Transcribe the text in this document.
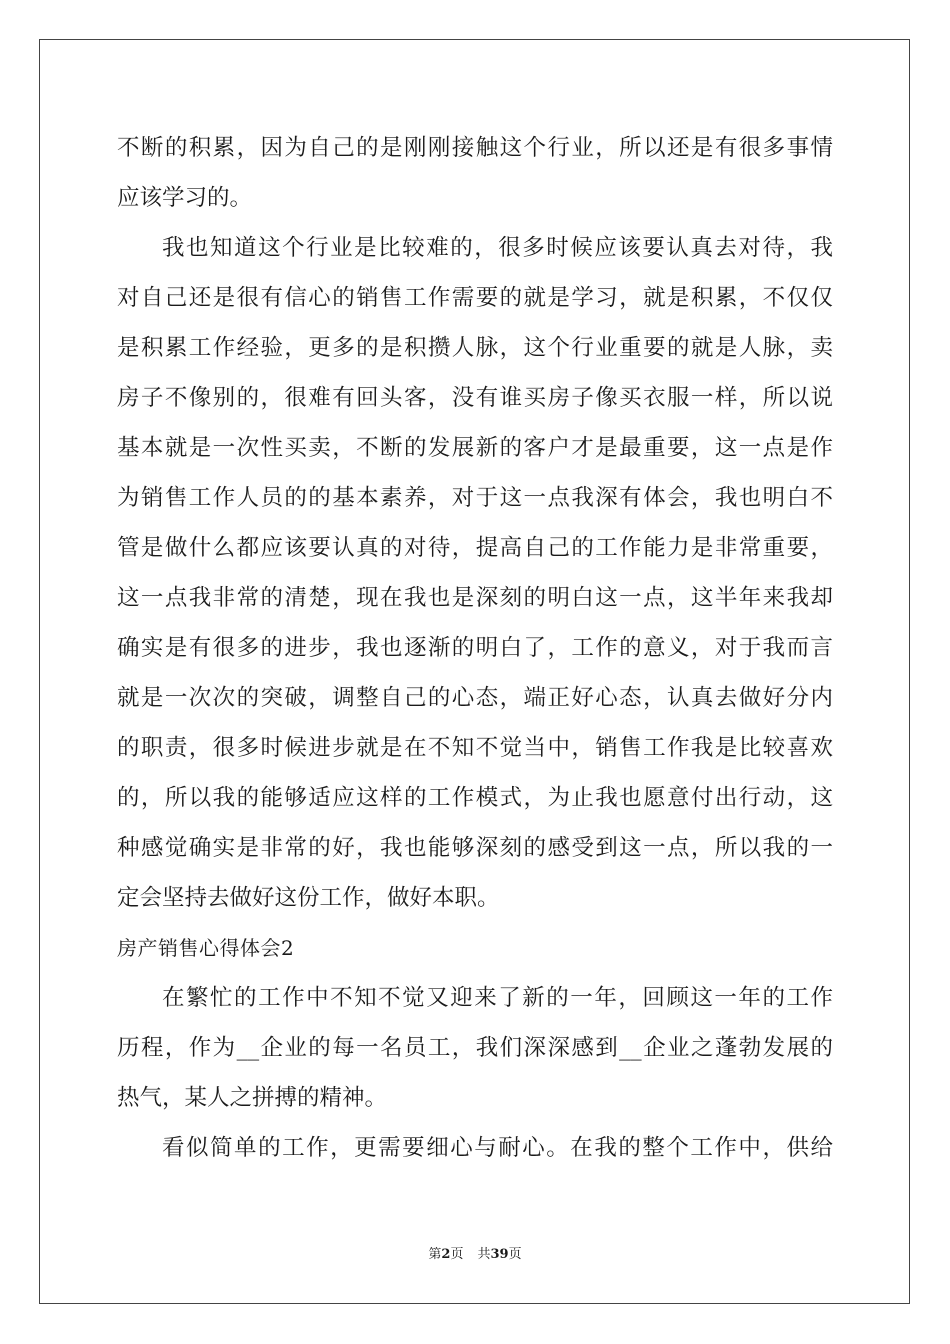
不断的积累，因为自己的是刚刚接触这个行业，所以还是有很多事情
应该学习的。
我也知道这个行业是比较难的，很多时候应该要认真去对待，我
对自己还是很有信心的销售工作需要的就是学习，就是积累，不仅仅
是积累工作经验，更多的是积攒人脉，这个行业重要的就是人脉，卖
房子不像别的，很难有回头客，没有谁买房子像买衣服一样，所以说
基本就是一次性买卖，不断的发展新的客户才是最重要，这一点是作
为销售工作人员的的基本素养，对于这一点我深有体会，我也明白不
管是做什么都应该要认真的对待，提高自己的工作能力是非常重要，
这一点我非常的清楚，现在我也是深刻的明白这一点，这半年来我却
确实是有很多的进步，我也逐渐的明白了，工作的意义，对于我而言
就是一次次的突破，调整自己的心态，端正好心态，认真去做好分内
的职责，很多时候进步就是在不知不觉当中，销售工作我是比较喜欢
的，所以我的能够适应这样的工作模式，为止我也愿意付出行动，这
种感觉确实是非常的好，我也能够深刻的感受到这一点，所以我的一
定会坚持去做好这份工作，做好本职。
房产销售心得体会2
在繁忙的工作中不知不觉又迎来了新的一年，回顾这一年的工作
历程，作为__企业的每一名员工，我们深深感到__企业之蓬勃发展的
热气，某人之拼搏的精神。
看似简单的工作，更需要细心与耐心。在我的整个工作中，供给
第2页 共39页
